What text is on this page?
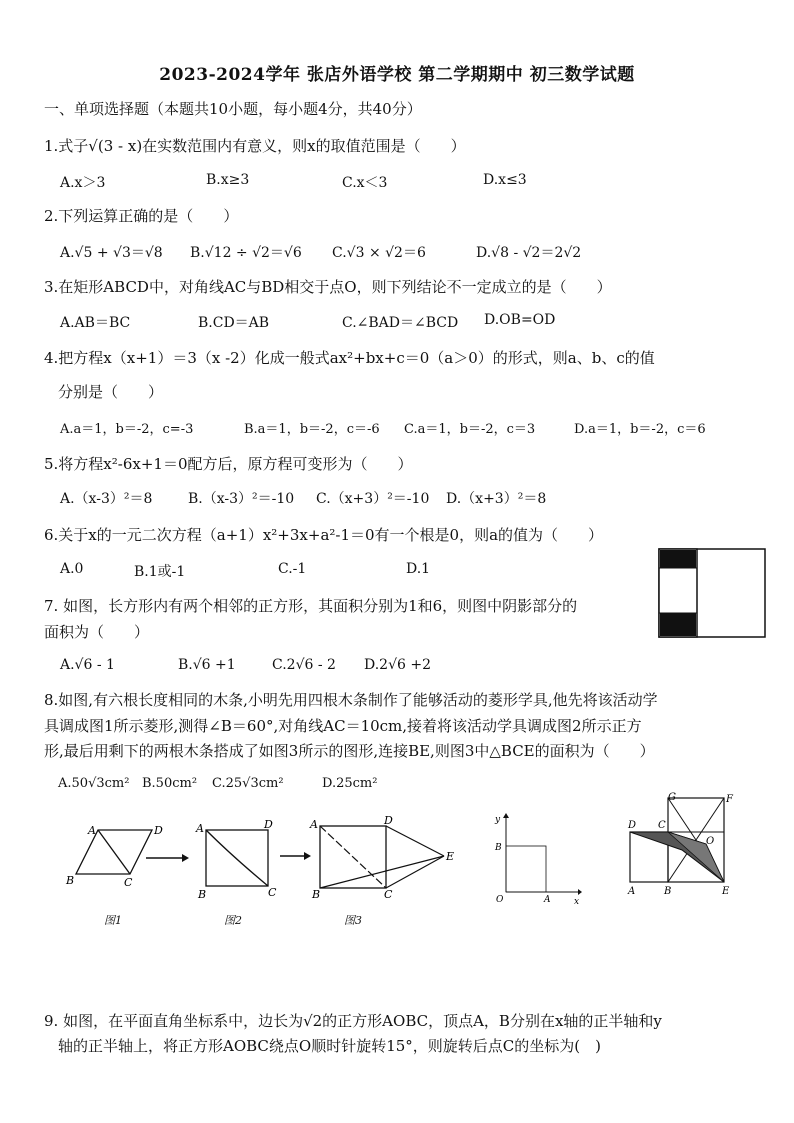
2023-2024学年 张店外语学校 第二学期期中 初三数学试题
一、单项选择题（本题共10小题，每小题4分，共40分）
1.式子√(3 - x)在实数范围内有意义，则x的取值范围是（　　）
A.x＞3	B.x≥3	C.x＜3	D.x≤3
2.下列运算正确的是（　　）
A.√5 + √3＝√8 B.√12 ÷ √2＝√6 C.√3 × √2＝6	D.√8 - √2＝2√2
3.在矩形ABCD中，对角线AC与BD相交于点O，则下列结论不一定成立的是（　　）
A.AB＝BC	B.CD＝AB	C.∠BAD＝∠BCD D.OB=OD
4.把方程x（x+1）＝3（x -2）化成一般式ax²+bx+c＝0（a＞0）的形式，则a、b、c的值
分别是（　　）
A.a＝1，b＝-2，c=-3	B.a＝1，b＝-2，c＝-6 C.a＝1，b＝-2，c＝3	D.a＝1，b＝-2，c＝6
5.将方程x²-6x+1＝0配方后，原方程可变形为（　　）
A.（x-3）²＝8	B.（x-3）²＝-10 C.（x+3）²＝-10 D.（x+3）²＝8
6.关于x的一元二次方程（a+1）x²+3x+a²-1＝0有一个根是0，则a的值为（　　）
A.0	B.1或-1	C.-1	D.1
7. 如图，长方形内有两个相邻的正方形，其面积分别为1和6，则图中阴影部分的
面积为（　　）
A.√6 - 1	B.√6 +1	C.2√6 - 2 D.2√6 +2
8.如图,有六根长度相同的木条,小明先用四根木条制作了能够活动的菱形学具,他先将该活动学
具调成图1所示菱形,测得∠B＝60°,对角线AC＝10cm,接着将该活动学具调成图2所示正方
形,最后用剩下的两根木条搭成了如图3所示的图形,连接BE,则图3中△BCE的面积为（　　）
A.50√3cm² B.50cm² C.25√3cm²	D.25cm²
A	D
B	C
图1
A	D
B	C
图2
A	D
B	C
E
图3
y
x
O	A
B
G	F
D C
O
A	B	E
9. 如图，在平面直角坐标系中，边长为√2的正方形AOBC，顶点A，B分别在x轴的正半轴和y
轴的正半轴上，将正方形AOBC绕点O顺时针旋转15°，则旋转后点C的坐标为(　)
